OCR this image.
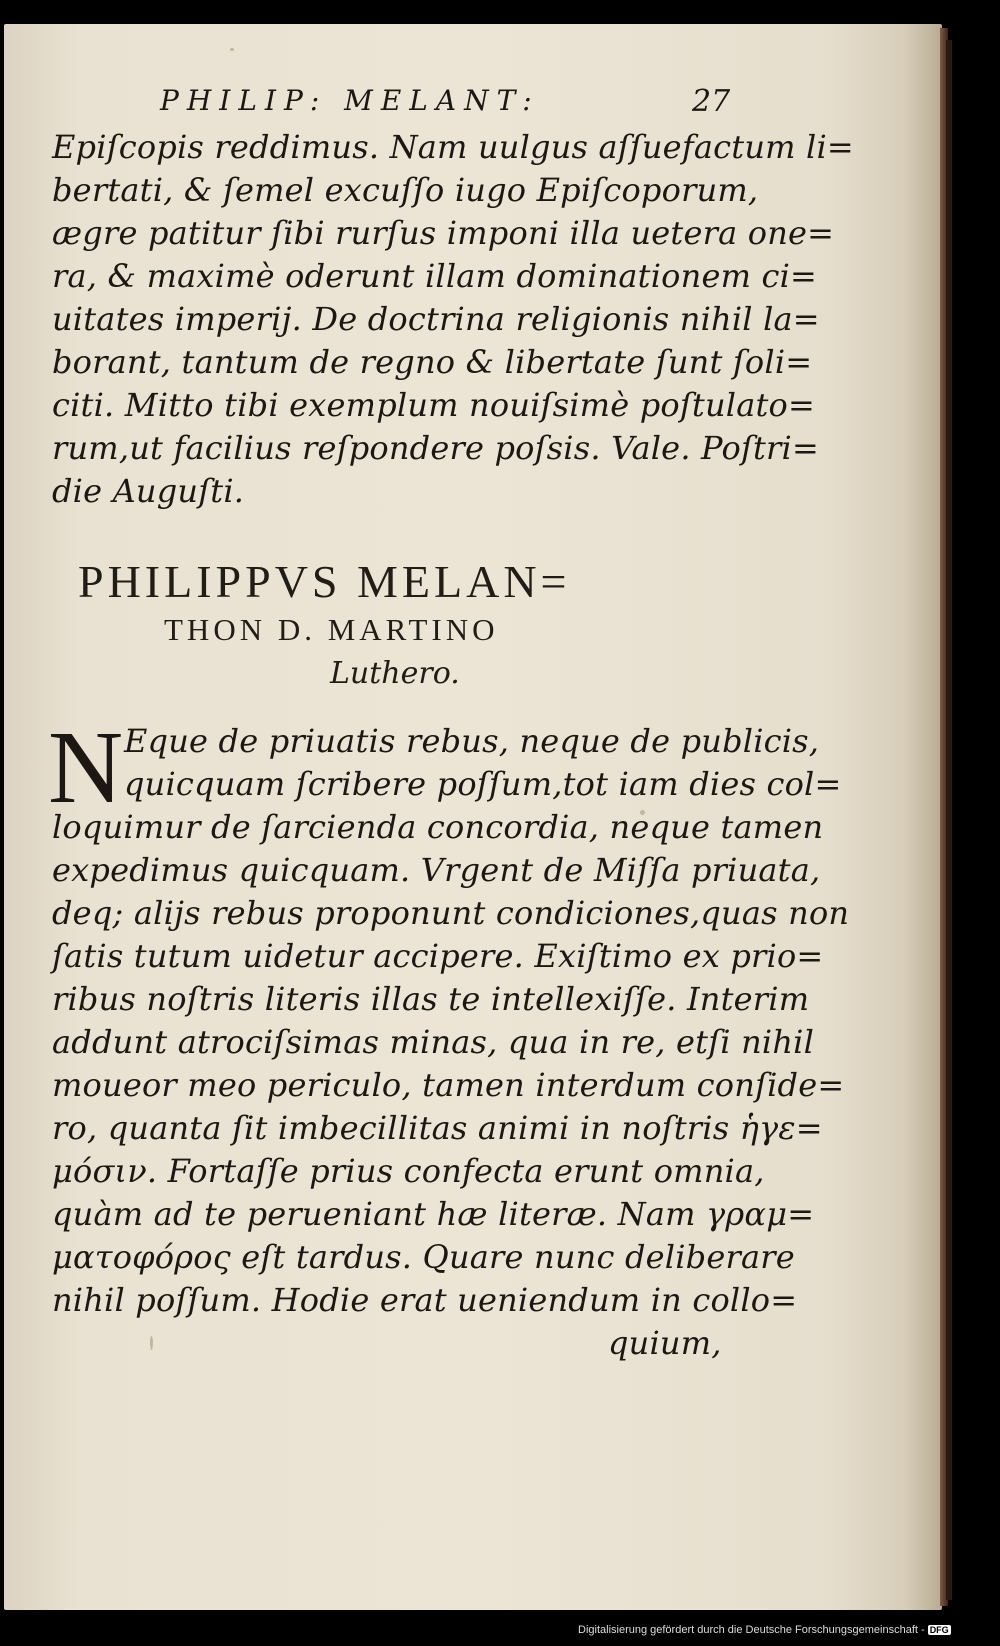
PHILIP: MELANT:	27
Epiſcopis reddimus. Nam uulgus aſſuefactum li=
bertati, & ſemel excuſſo iugo Epiſcoporum,
ægre patitur ſibi rurſus imponi illa uetera one=
ra, & maximè oderunt illam dominationem ci=
uitates imperij. De doctrina religionis nihil la=
borant, tantum de regno & libertate ſunt ſoli=
citi. Mitto tibi exemplum nouiſsimè poſtulato=
rum,ut facilius reſpondere poſsis. Vale. Poſtri=
die Auguſti.
PHILIPPVS MELAN=
THON D. MARTINO
Luthero.
N Eque de priuatis rebus, neque de publicis,
quicquam ſcribere poſſum,tot iam dies col=
loquimur de ſarcienda concordia, neque tamen
expedimus quicquam. Vrgent de Miſſa priuata,
deq; alijs rebus proponunt condiciones,quas non
ſatis tutum uidetur accipere. Exiſtimo ex prio=
ribus noſtris literis illas te intellexiſſe. Interim
addunt atrociſsimas minas, qua in re, etſi nihil
moueor meo periculo, tamen interdum conſide=
ro, quanta ſit imbecillitas animi in noſtris ἡγε=
μόσιν. Fortaſſe prius confecta erunt omnia,
quàm ad te perueniant hæ literæ. Nam γραμ=
ματοφόρος eſt tardus. Quare nunc deliberare
nihil poſſum. Hodie erat ueniendum in collo=
quium,
Digitalisierung gefördert durch die Deutsche Forschungsgemeinschaft - DFG
